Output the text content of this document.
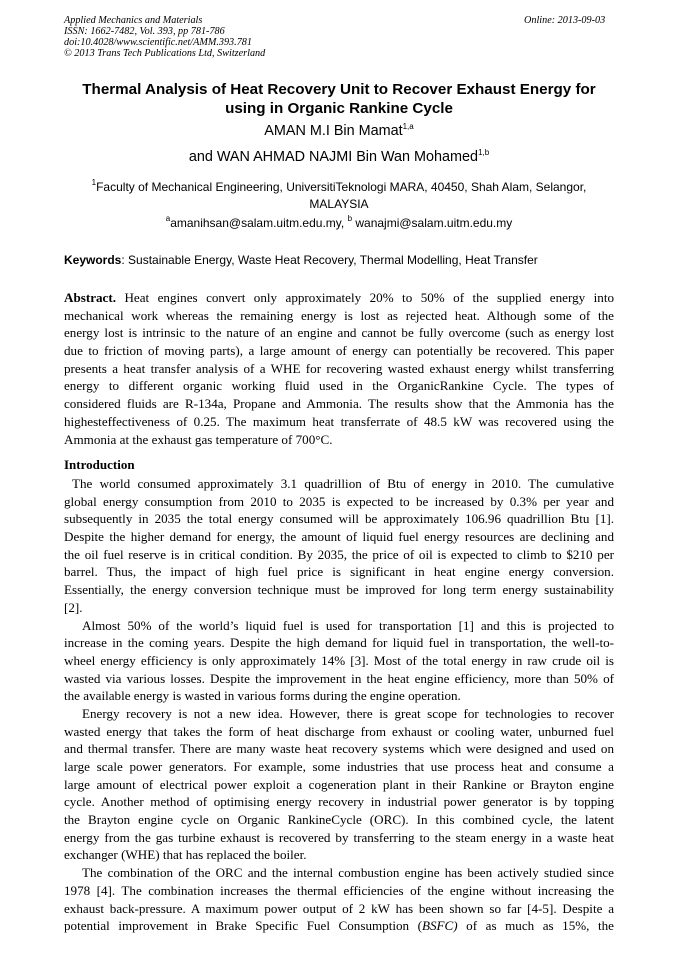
Applied Mechanics and Materials
ISSN: 1662-7482, Vol. 393, pp 781-786
doi:10.4028/www.scientific.net/AMM.393.781
© 2013 Trans Tech Publications Ltd, Switzerland
Online: 2013-09-03
Thermal Analysis of Heat Recovery Unit to Recover Exhaust Energy for
using in Organic Rankine Cycle
AMAN M.I Bin Mamat$^{1,a}$
and WAN AHMAD NAJMI Bin Wan Mohamed$^{1,b}$
$^1$Faculty of Mechanical Engineering, UniversitiTeknologi MARA, 40450, Shah Alam, Selangor,
MALAYSIA
$^a$amanihsan@salam.uitm.edu.my, $^b$ wanajmi@salam.uitm.edu.my
Keywords: Sustainable Energy, Waste Heat Recovery, Thermal Modelling, Heat Transfer
Abstract. Heat engines convert only approximately 20% to 50% of the supplied energy into
mechanical work whereas the remaining energy is lost as rejected heat. Although some of the
energy lost is intrinsic to the nature of an engine and cannot be fully overcome (such as energy lost
due to friction of moving parts), a large amount of energy can potentially be recovered. This paper
presents a heat transfer analysis of a WHE for recovering wasted exhaust energy whilst transferring
energy to different organic working fluid used in the OrganicRankine Cycle. The types of
considered fluids are R-134a, Propane and Ammonia. The results show that the Ammonia has the
highesteffectiveness of 0.25. The maximum heat transferrate of 48.5 kW was recovered using the
Ammonia at the exhaust gas temperature of 700°C.
Introduction
The world consumed approximately 3.1 quadrillion of Btu of energy in 2010. The cumulative
global energy consumption from 2010 to 2035 is expected to be increased by 0.3% per year and
subsequently in 2035 the total energy consumed will be approximately 106.96 quadrillion Btu [1].
Despite the higher demand for energy, the amount of liquid fuel energy resources are declining and
the oil fuel reserve is in critical condition. By 2035, the price of oil is expected to climb to $210 per
barrel. Thus, the impact of high fuel price is significant in heat engine energy conversion.
Essentially, the energy conversion technique must be improved for long term energy sustainability
[2].
Almost 50% of the world’s liquid fuel is used for transportation [1] and this is projected to
increase in the coming years. Despite the high demand for liquid fuel in transportation, the well-to-
wheel energy efficiency is only approximately 14% [3]. Most of the total energy in raw crude oil is
wasted via various losses. Despite the improvement in the heat engine efficiency, more than 50% of
the available energy is wasted in various forms during the engine operation.
Energy recovery is not a new idea. However, there is great scope for technologies to recover
wasted energy that takes the form of heat discharge from exhaust or cooling water, unburned fuel
and thermal transfer. There are many waste heat recovery systems which were designed and used on
large scale power generators. For example, some industries that use process heat and consume a
large amount of electrical power exploit a cogeneration plant in their Rankine or Brayton engine
cycle. Another method of optimising energy recovery in industrial power generator is by topping
the Brayton engine cycle on Organic RankineCycle (ORC). In this combined cycle, the latent
energy from the gas turbine exhaust is recovered by transferring to the steam energy in a waste heat
exchanger (WHE) that has replaced the boiler.
The combination of the ORC and the internal combustion engine has been actively studied since
1978 [4]. The combination increases the thermal efficiencies of the engine without increasing the
exhaust back-pressure. A maximum power output of 2 kW has been shown so far [4-5]. Despite a
potential improvement in Brake Specific Fuel Consumption (BSFC) of as much as 15%, the
